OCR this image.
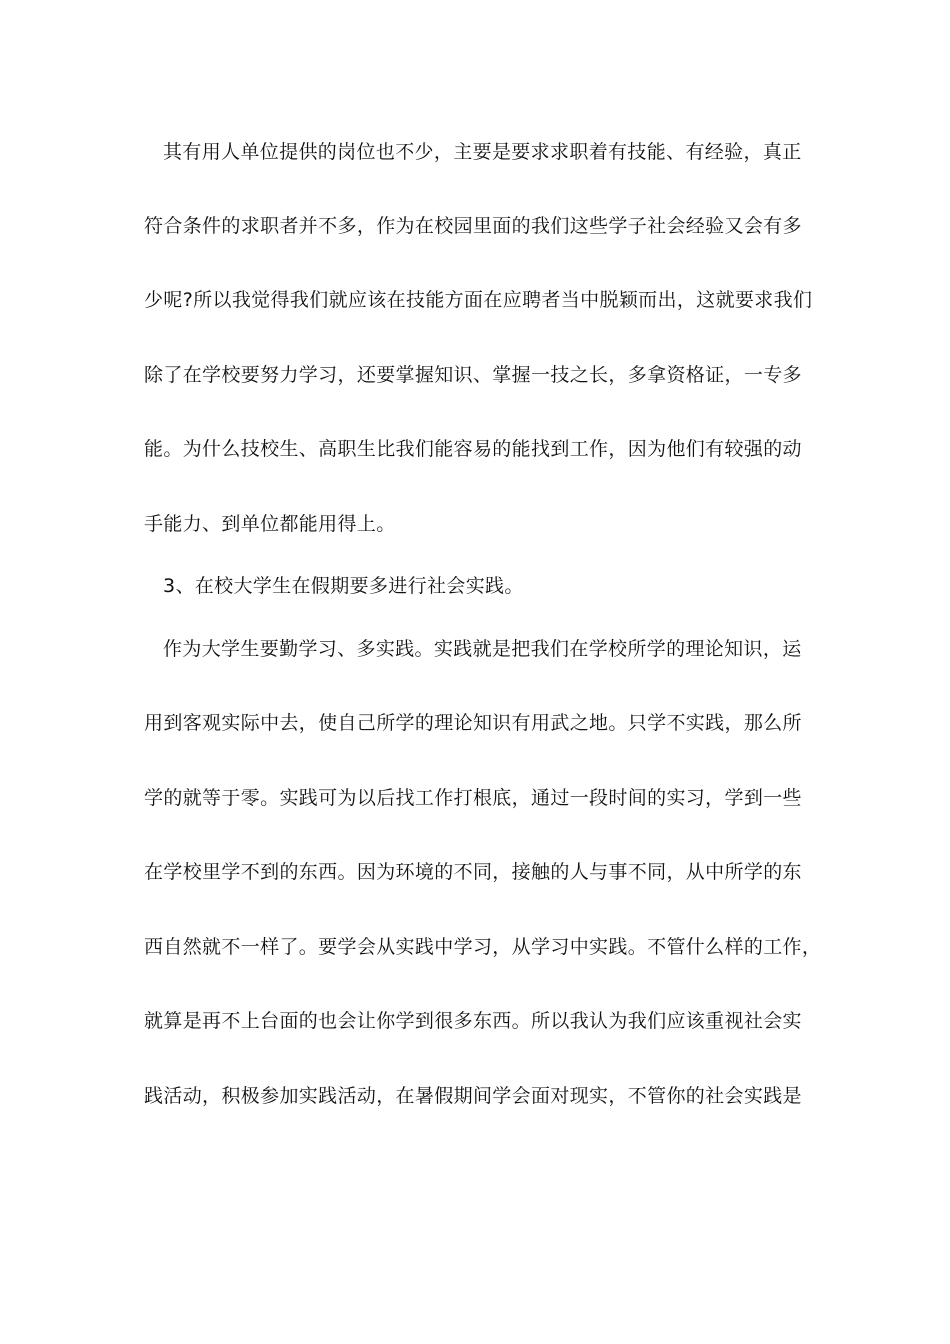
其有用人单位提供的岗位也不少，主要是要求求职着有技能、有经验，真正
符合条件的求职者并不多，作为在校园里面的我们这些学子社会经验又会有多
少呢?所以我觉得我们就应该在技能方面在应聘者当中脱颖而出，这就要求我们
除了在学校要努力学习，还要掌握知识、掌握一技之长，多拿资格证，一专多
能。为什么技校生、高职生比我们能容易的能找到工作，因为他们有较强的动
手能力、到单位都能用得上。
3、在校大学生在假期要多进行社会实践。
作为大学生要勤学习、多实践。实践就是把我们在学校所学的理论知识，运
用到客观实际中去，使自己所学的理论知识有用武之地。只学不实践，那么所
学的就等于零。实践可为以后找工作打根底，通过一段时间的实习，学到一些
在学校里学不到的东西。因为环境的不同，接触的人与事不同，从中所学的东
西自然就不一样了。要学会从实践中学习，从学习中实践。不管什么样的工作，
就算是再不上台面的也会让你学到很多东西。所以我认为我们应该重视社会实
践活动，积极参加实践活动，在暑假期间学会面对现实，不管你的社会实践是
